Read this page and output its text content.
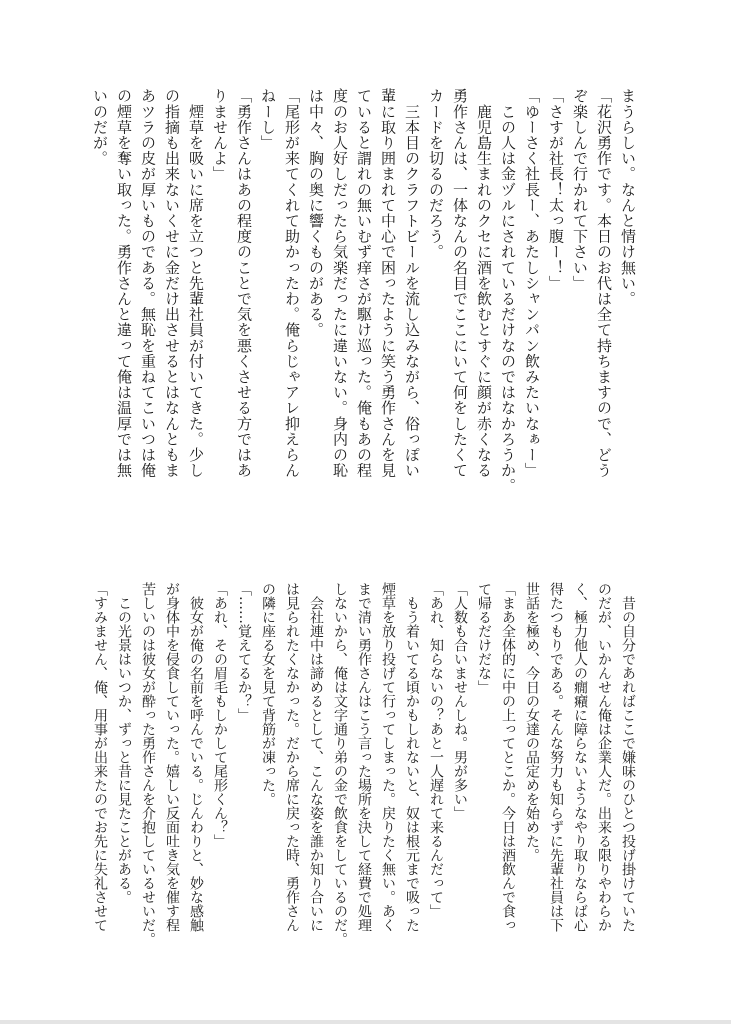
まうらしい。なんと情け無い。
「花沢勇作です。本日のお代は全て持ちますので、どう
ぞ楽しんで行かれて下さい」
「さすが社長！太っ腹ー！」
「ゆーさく社長ー、あたしシャンパン飲みたいなぁー」
　この人は金ヅルにされているだけなのではなかろうか。
　鹿児島生まれのクセに酒を飲むとすぐに顔が赤くなる
勇作さんは、一体なんの名目でここにいて何をしたくて
カードを切るのだろう。
　三本目のクラフトビールを流し込みながら、俗っぽい
輩に取り囲まれて中心で困ったように笑う勇作さんを見
ていると謂れの無いむず痒さが駆け巡った。俺もあの程
度のお人好しだったら気楽だったに違いない。身内の恥
は中々、胸の奥に響くものがある。
「尾形が来てくれて助かったわ。俺らじゃアレ抑えらん
ねーし」
「勇作さんはあの程度のことで気を悪くさせる方ではあ
りませんよ」
　煙草を吸いに席を立つと先輩社員が付いてきた。少し
の指摘も出来ないくせに金だけ出させるとはなんともま
あツラの皮が厚いものである。無恥を重ねてこいつは俺
の煙草を奪い取った。勇作さんと違って俺は温厚では無
いのだが。
　昔の自分であればここで嫌味のひとつ投げ掛けていた
のだが、いかんせん俺は企業人だ。出来る限りやわらか
く、極力他人の癇癪に障らないようなやり取りならば心
得たつもりである。そんな努力も知らずに先輩社員は下
世話を極め、今日の女達の品定めを始めた。
「まあ全体的に中の上ってとこか。今日は酒飲んで食っ
て帰るだけだな」
「人数も合いませんしね。男が多い」
「あれ、知らないの？あと一人遅れて来るんだって」
　もう着いてる頃かもしれないと、奴は根元まで吸った
煙草を放り投げて行ってしまった。戻りたく無い。あく
まで清い勇作さんはこう言った場所を決して経費で処理
しないから、俺は文字通り弟の金で飲食をしているのだ。
　会社連中は諦めるとして、こんな姿を誰か知り合いに
は見られたくなかった。だから席に戻った時、勇作さん
の隣に座る女を見て背筋が凍った。
「……覚えてるか？」
「あれ、その眉毛もしかして尾形くん？」
　彼女が俺の名前を呼んでいる。じんわりと、妙な感触
が身体中を侵食していった。嬉しい反面吐き気を催す程
苦しいのは彼女が酔った勇作さんを介抱しているせいだ。
　この光景はいつか、ずっと昔に見たことがある。
「すみません、俺、用事が出来たのでお先に失礼させて
